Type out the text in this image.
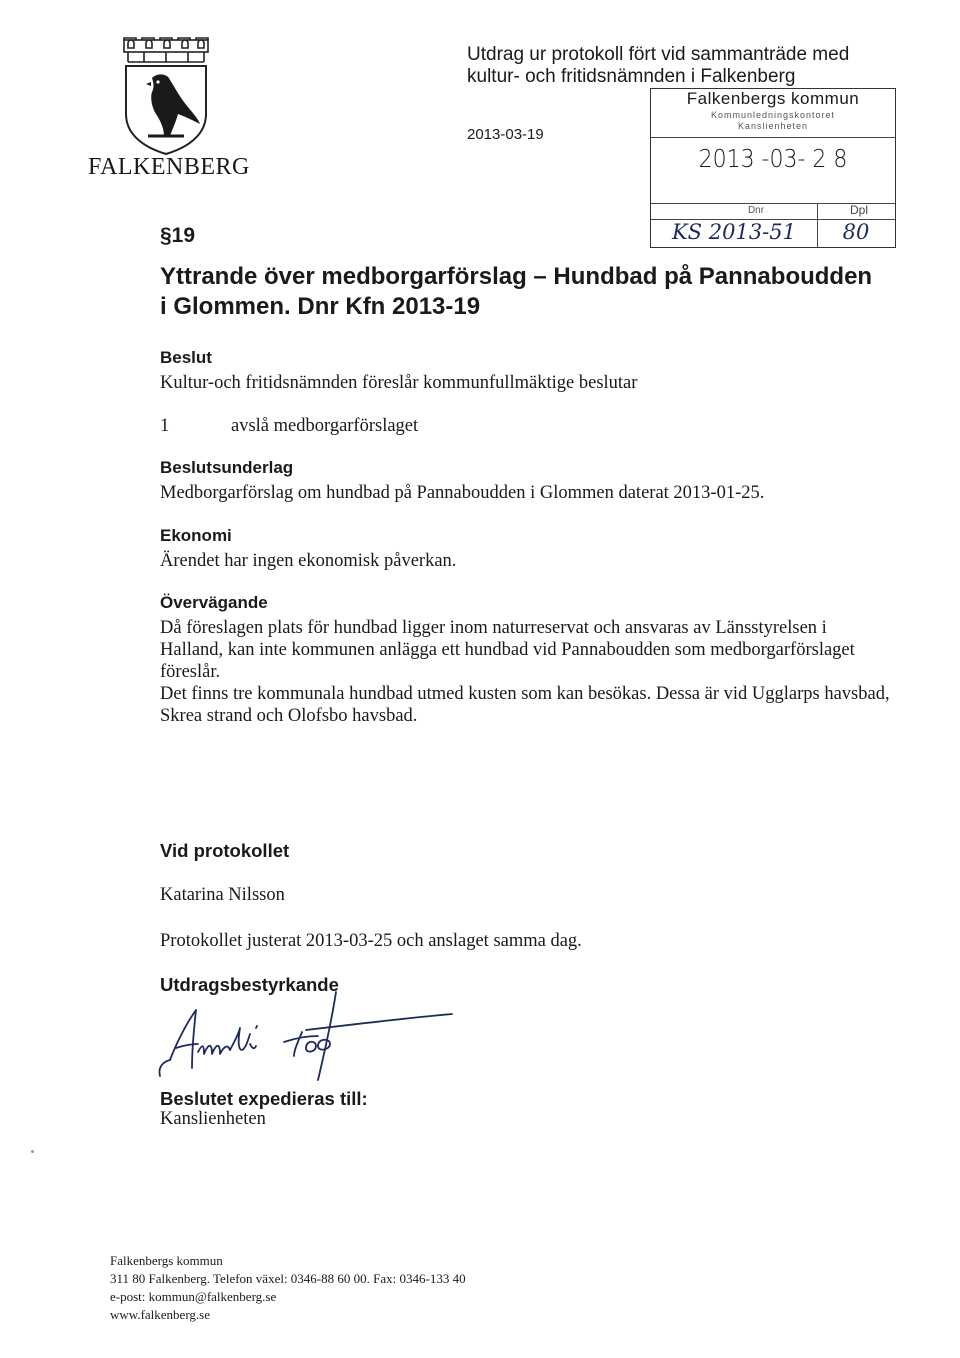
FALKENBERG
Utdrag ur protokoll fört vid sammanträde med
kultur- och fritidsnämnden i Falkenberg
2013-03-19
Falkenbergs kommun
Kommunledningskontoret
Kanslienheten
2013 -03- 2 8
Dnr	Dpl
KS 2013-51	80
§19
Yttrande över medborgarförslag – Hundbad på Pannaboudden i Glommen. Dnr Kfn 2013-19
Beslut
Kultur-och fritidsnämnden föreslår kommunfullmäktige beslutar
1	avslå medborgarförslaget
Beslutsunderlag
Medborgarförslag om hundbad på Pannaboudden i Glommen daterat 2013-01-25.
Ekonomi
Ärendet har ingen ekonomisk påverkan.
Övervägande

Då föreslagen plats för hundbad ligger inom naturreservat och ansvaras av Länsstyrelsen i Halland, kan inte kommunen anlägga ett hundbad vid Pannaboudden som medborgarförslaget föreslår.

Det finns tre kommunala hundbad utmed kusten som kan besökas. Dessa är vid Ugglarps havsbad, Skrea strand och Olofsbo havsbad.

Vid protokollet
Katarina Nilsson
Protokollet justerat 2013-03-25 och anslaget samma dag.
Utdragsbestyrkande
Beslutet expedieras till:
Kanslienheten
Falkenbergs kommun
311 80 Falkenberg. Telefon växel: 0346-88 60 00. Fax: 0346-133 40
e-post: kommun@falkenberg.se
www.falkenberg.se
